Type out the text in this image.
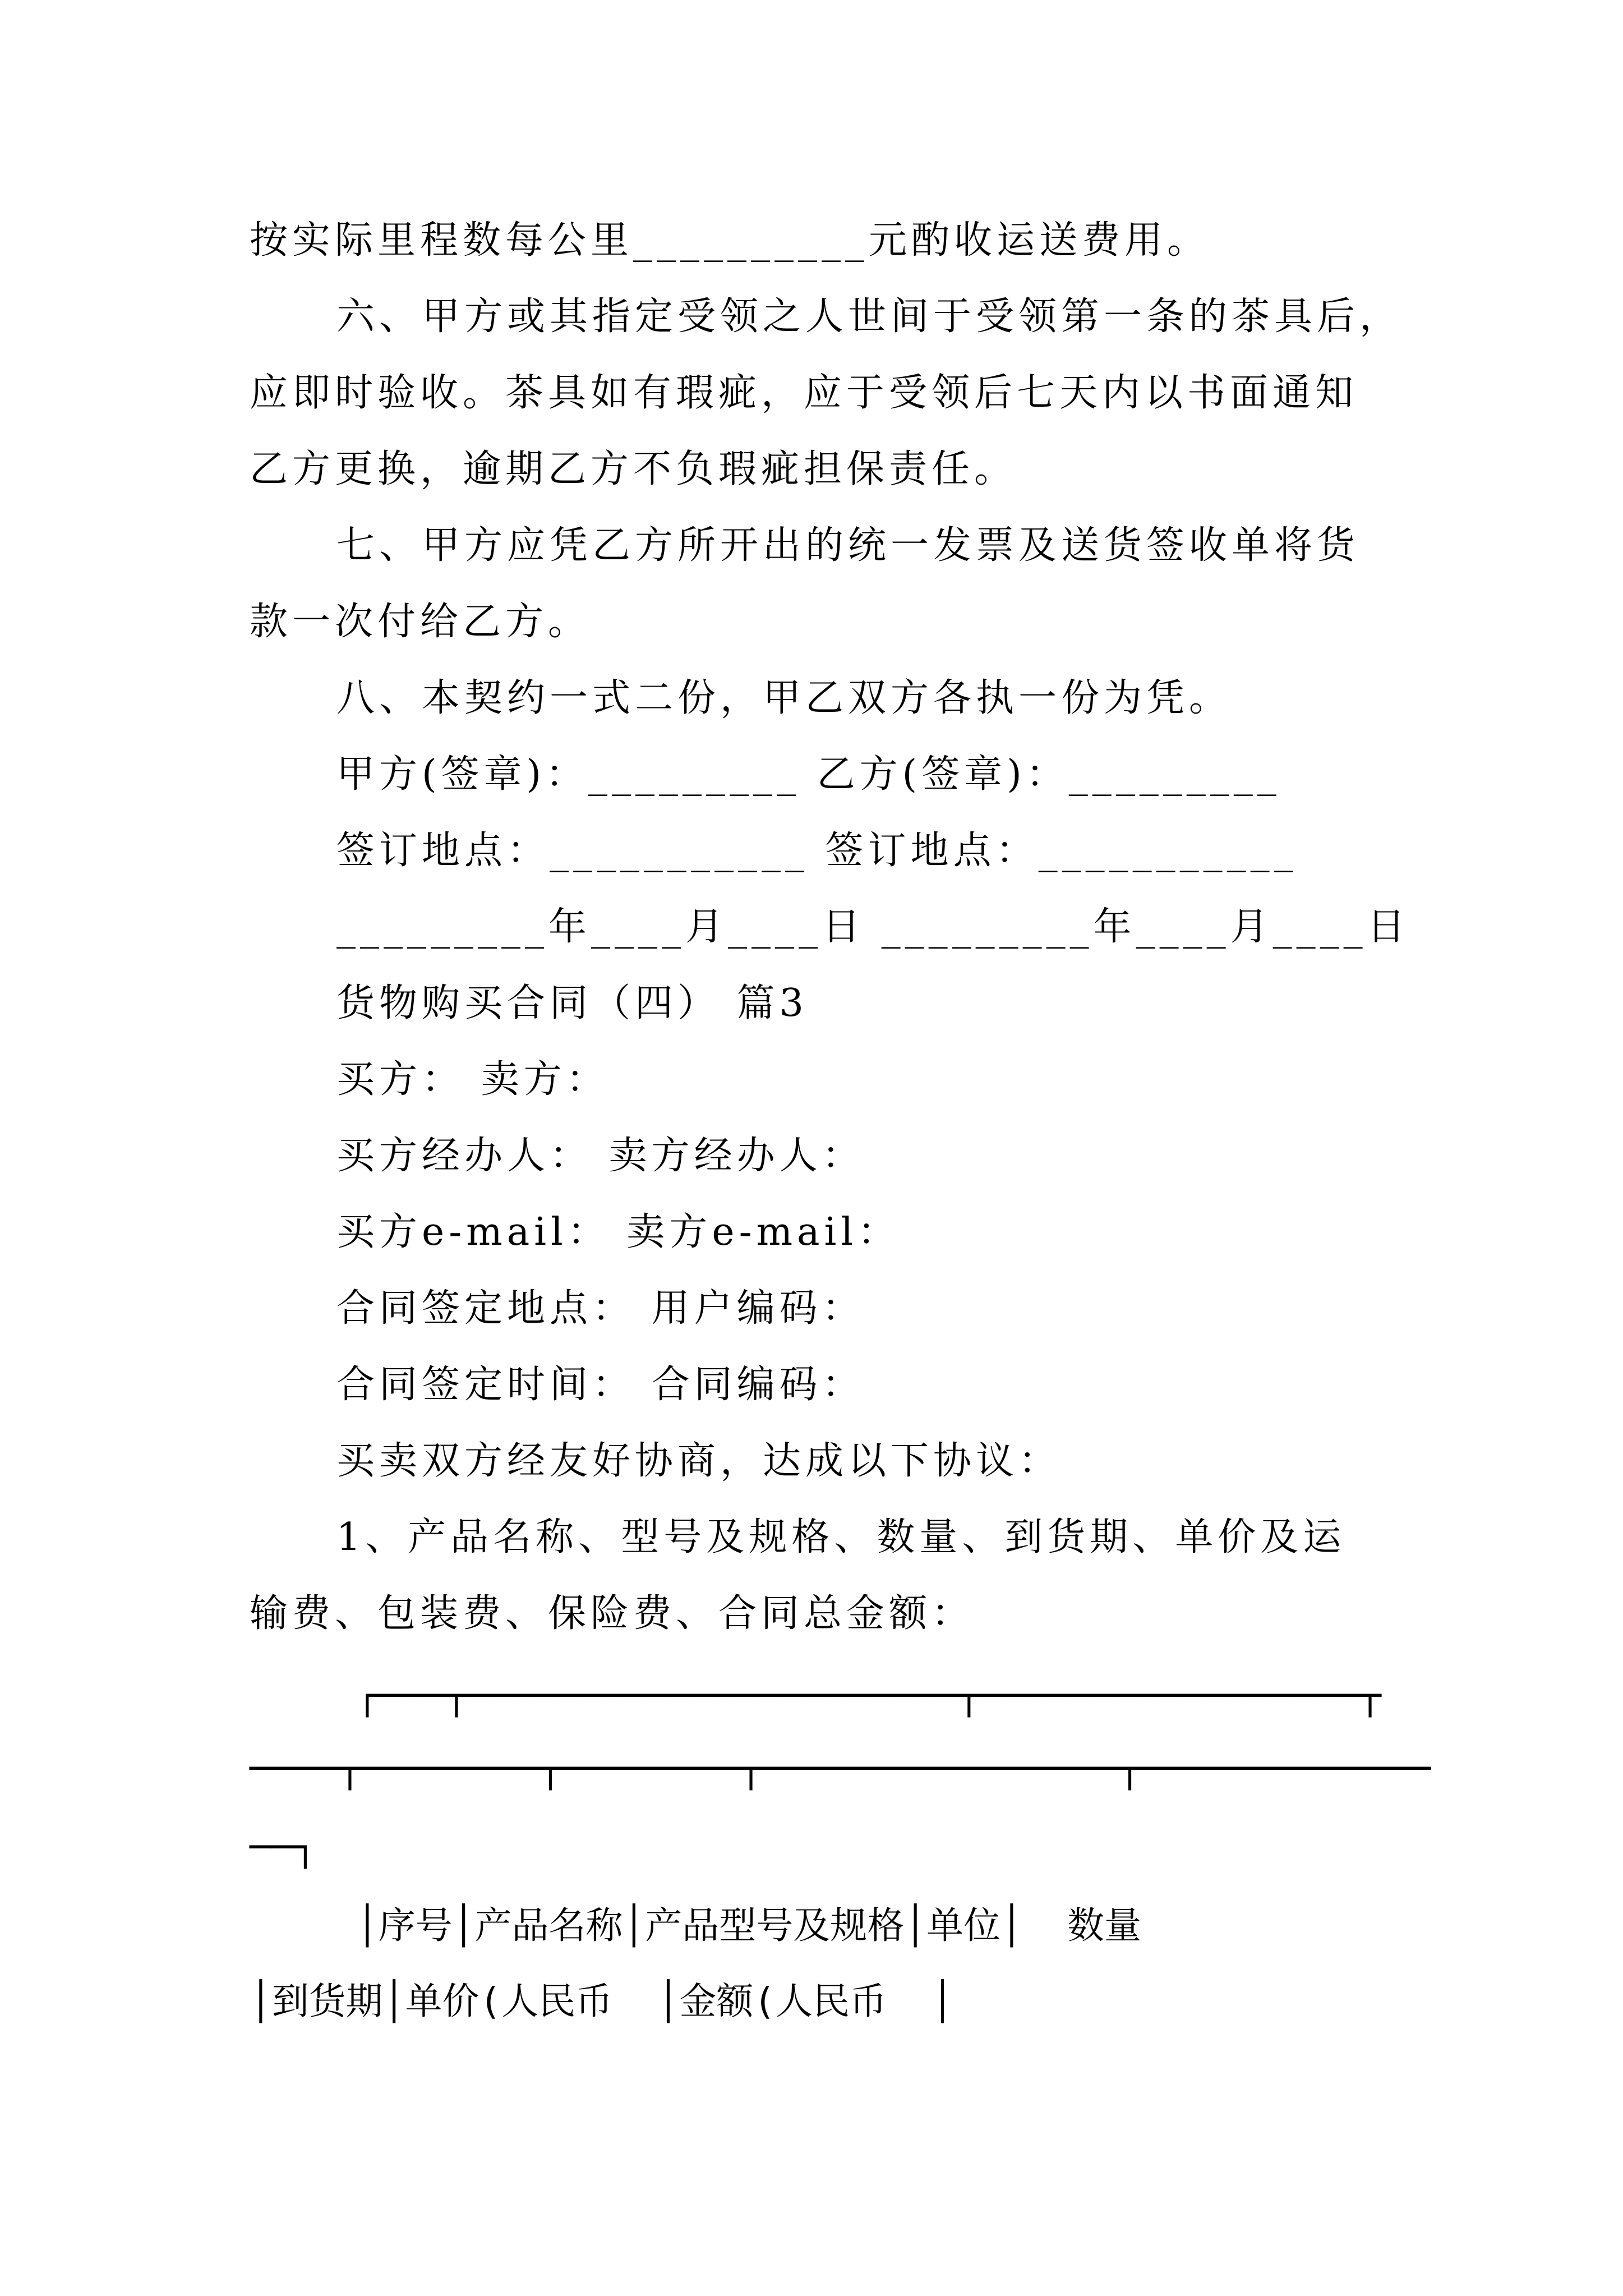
按实际里程数每公里__________元酌收运送费用。
六、甲方或其指定受领之人世间于受领第一条的茶具后，
应即时验收。茶具如有瑕疵，应于受领后七天内以书面通知
乙方更换，逾期乙方不负瑕疵担保责任。
七、甲方应凭乙方所开出的统一发票及送货签收单将货
款一次付给乙方。
八、本契约一式二份，甲乙双方各执一份为凭。
甲方(签章)：_________ 乙方(签章)：_________
签订地点：___________ 签订地点：___________
_________年____月____日 _________年____月____日
货物购买合同（四） 篇3
买方： 卖方：
买方经办人： 卖方经办人：
买方e-mail： 卖方e-mail：
合同签定地点： 用户编码：
合同签定时间： 合同编码：
买卖双方经友好协商，达成以下协议：
1、产品名称、型号及规格、数量、到货期、单价及运
输费、包装费、保险费、合同总金额：
┌───┬──────────────────────┬─────────────────┬
────┬────────┬────────┬────────────────┬─────────────
──┐
│序号│产品名称│产品型号及规格│单位│  数量
│到货期│单价(人民币  │金额(人民币  │
